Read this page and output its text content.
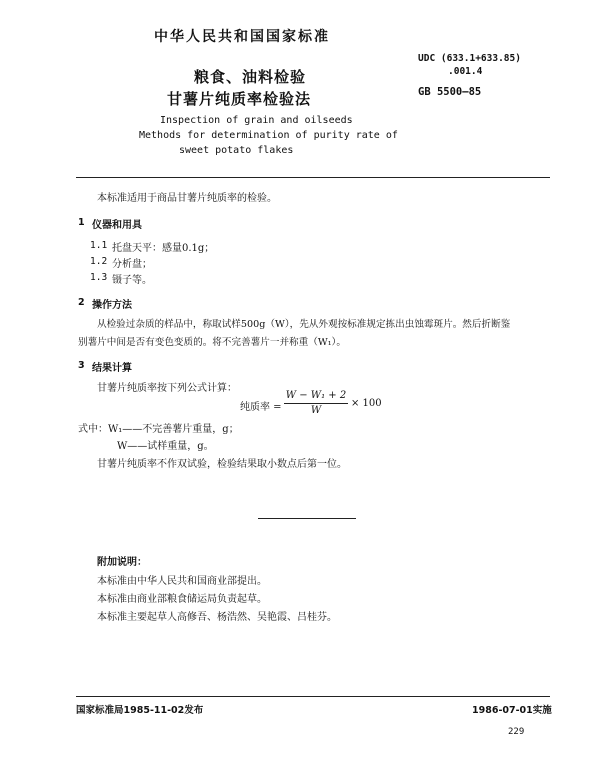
中华人民共和国国家标准
UDC (633.1+633.85)
.001.4
GB 5500—85
粮食、油料检验
甘薯片纯质率检验法
Inspection of grain and oilseeds
Methods for determination of purity rate of
sweet potato flakes
本标准适用于商品甘薯片纯质率的检验。
1 仪器和用具
1.1 托盘天平：感量0.1g；
1.2 分析盘；
1.3 镊子等。
2 操作方法
从检验过杂质的样品中，称取试样500g（W），先从外观按标准规定拣出虫蚀霉斑片。然后折断鉴
别薯片中间是否有变色变质的。将不完善薯片一并称重（W₁）。
3 结果计算
甘薯片纯质率按下列公式计算：
纯质率 =
W − W₁ + 2
W
× 100
式中： W₁——不完善薯片重量，g；
W——试样重量，g。
甘薯片纯质率不作双试验，检验结果取小数点后第一位。
附加说明：
本标准由中华人民共和国商业部提出。
本标准由商业部粮食储运局负责起草。
本标准主要起草人高修吾、杨浩然、吴艳霞、吕桂芬。
国家标准局1985-11-02发布	1986-07-01实施
229
